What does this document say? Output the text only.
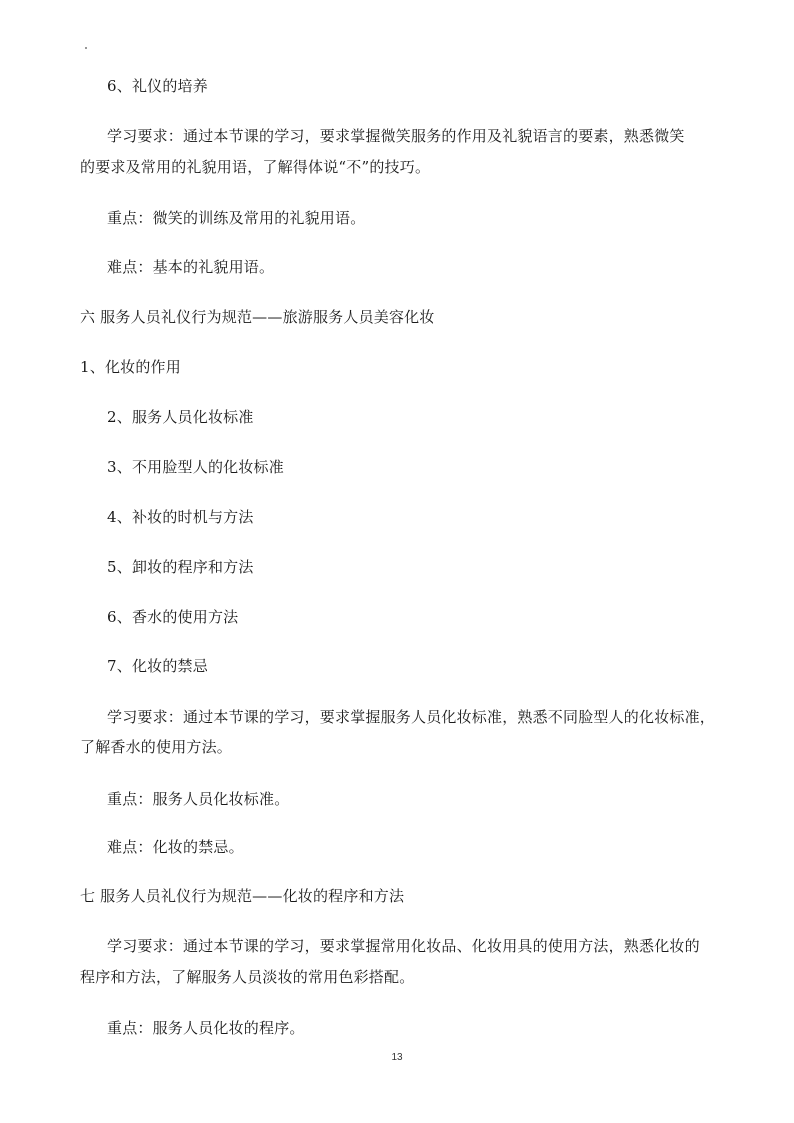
6、礼仪的培养
学习要求：通过本节课的学习，要求掌握微笑服务的作用及礼貌语言的要素，熟悉微笑
的要求及常用的礼貌用语，了解得体说“不”的技巧。
重点：微笑的训练及常用的礼貌用语。
难点：基本的礼貌用语。
六 服务人员礼仪行为规范——旅游服务人员美容化妆
1、化妆的作用
2、服务人员化妆标准
3、不用脸型人的化妆标准
4、补妆的时机与方法
5、卸妆的程序和方法
6、香水的使用方法
7、化妆的禁忌
学习要求：通过本节课的学习，要求掌握服务人员化妆标准，熟悉不同脸型人的化妆标准，
了解香水的使用方法。
重点：服务人员化妆标准。
难点：化妆的禁忌。
七 服务人员礼仪行为规范——化妆的程序和方法
学习要求：通过本节课的学习，要求掌握常用化妆品、化妆用具的使用方法，熟悉化妆的
程序和方法，了解服务人员淡妆的常用色彩搭配。
重点：服务人员化妆的程序。
13
